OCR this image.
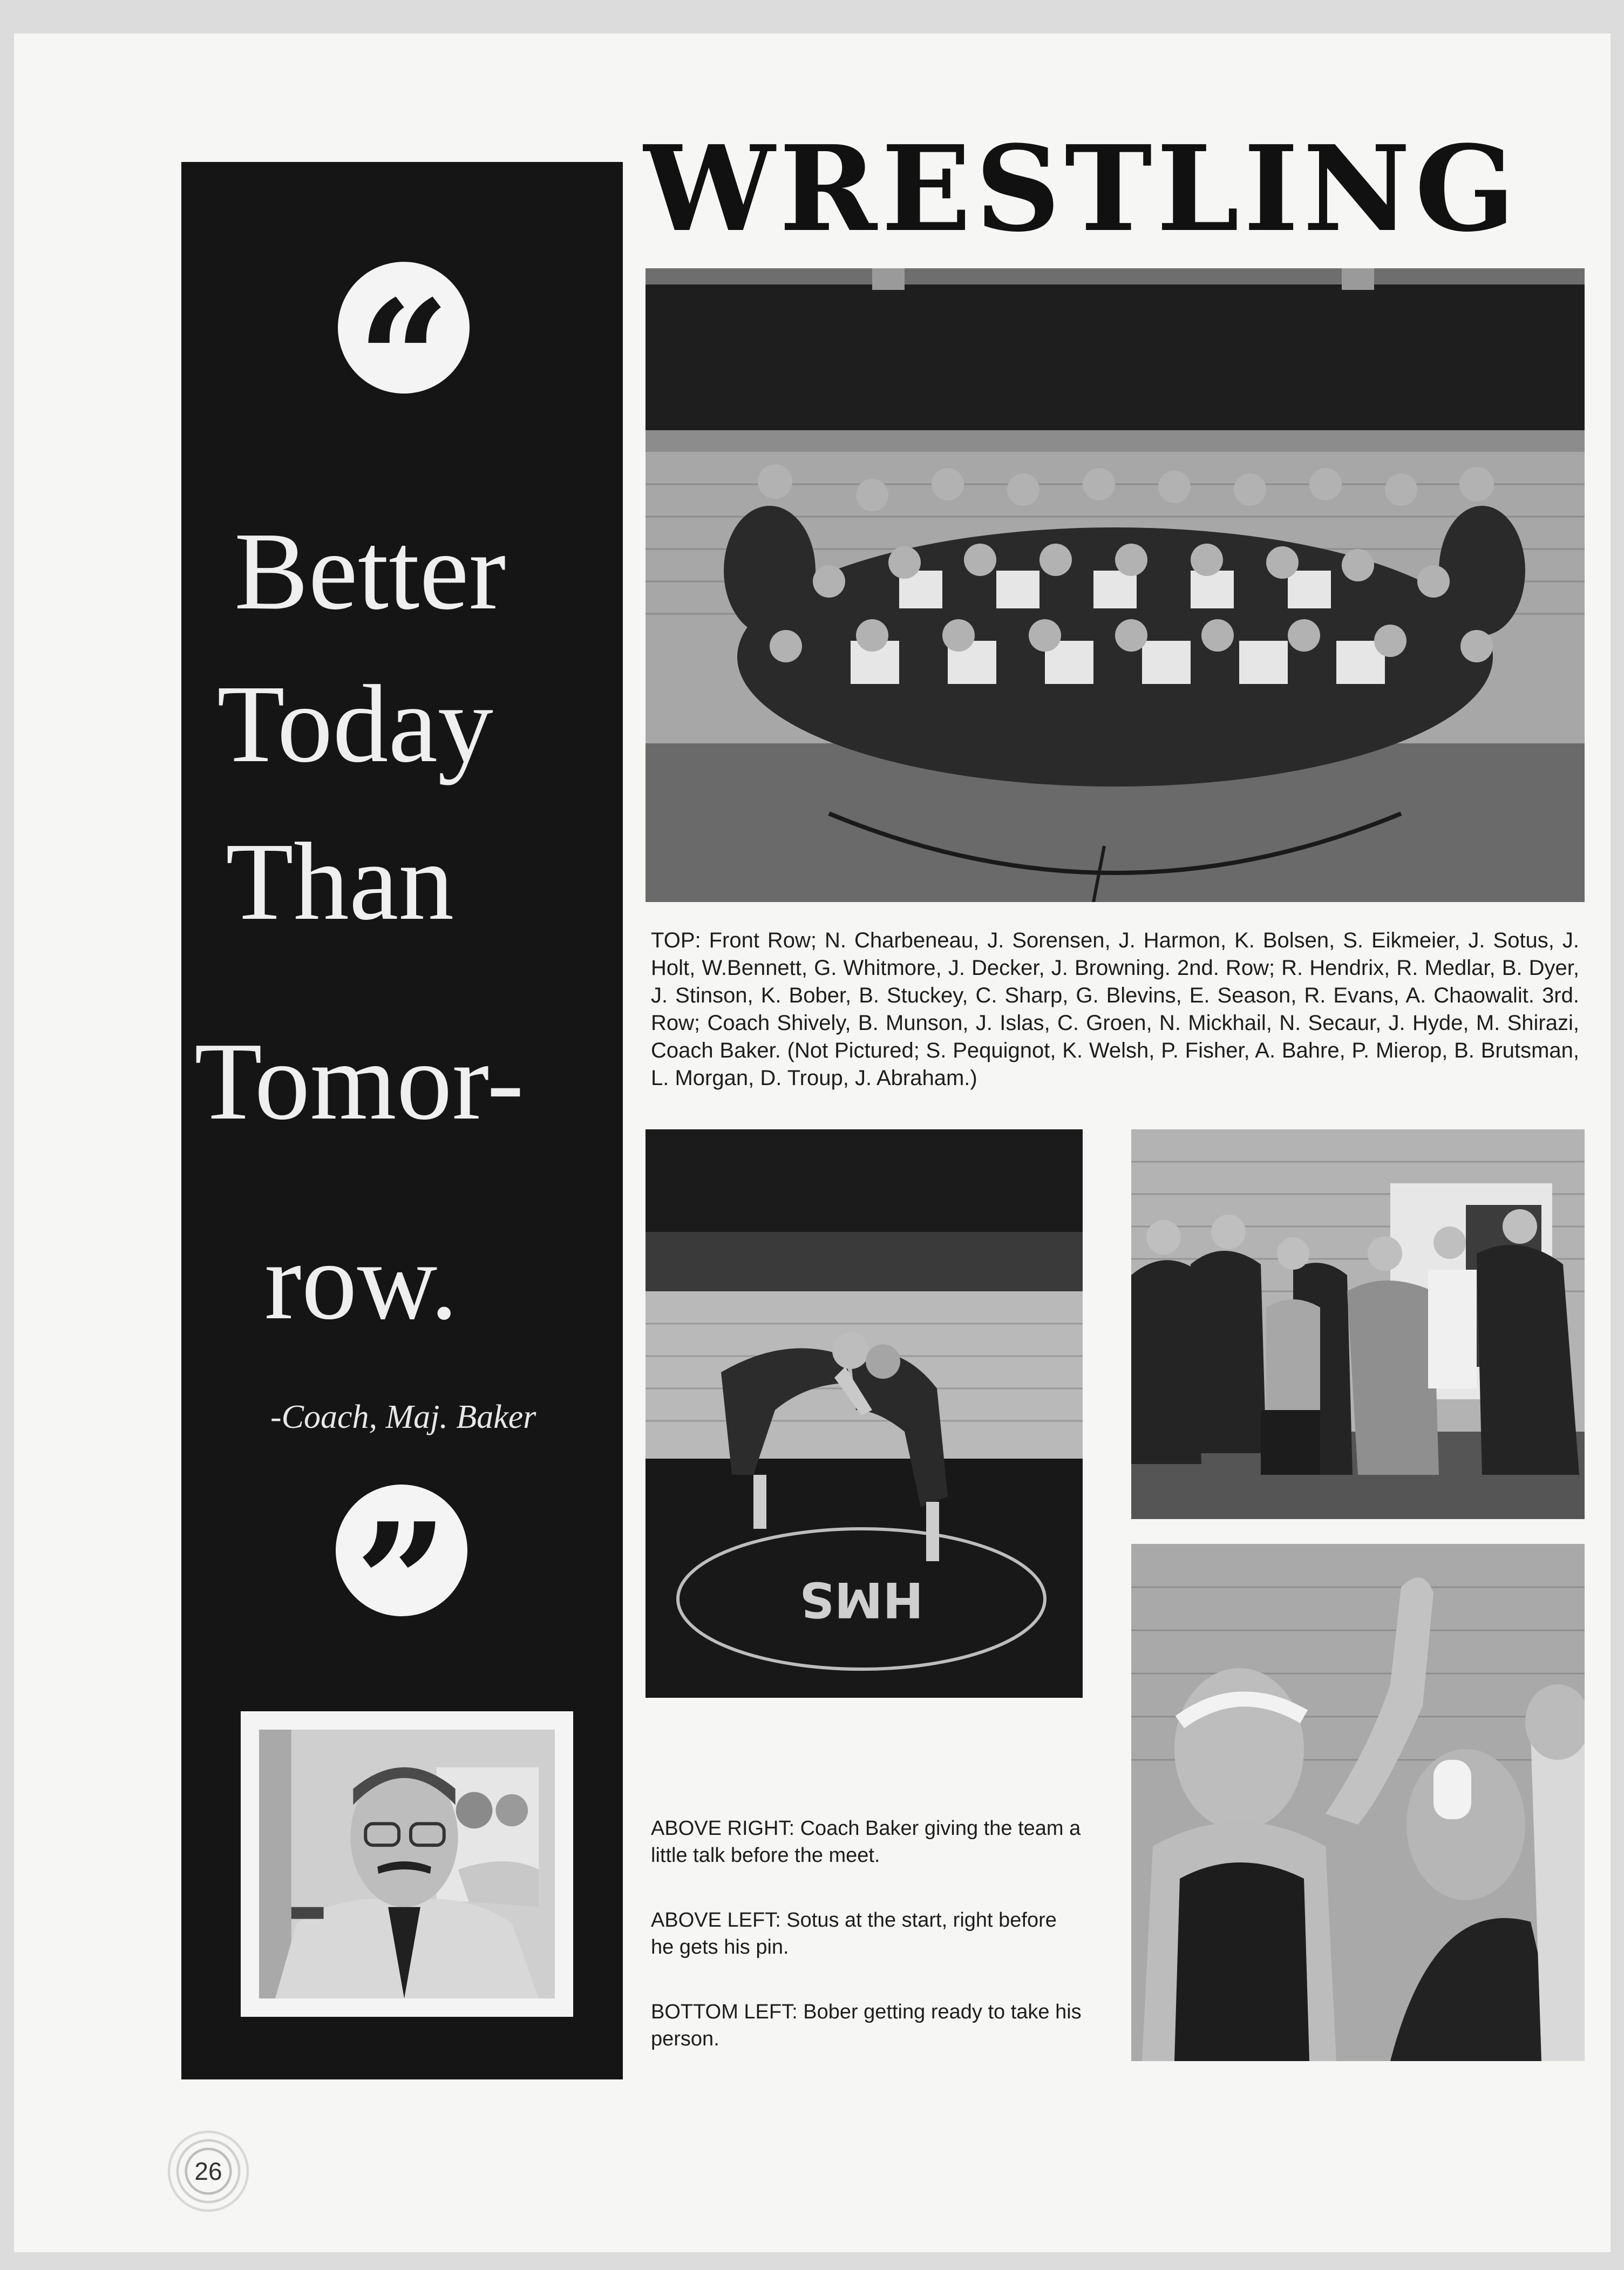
“
Better
Today
Than
Tomor-
row.
-Coach, Maj. Baker
”
WRESTLING
TOP: Front Row; N. Charbeneau, J. Sorensen, J. Harmon, K. Bolsen, S. Eikmeier, J. Sotus, J. Holt, W.Bennett, G. Whitmore, J. Decker, J. Browning. 2nd. Row; R. Hendrix, R. Medlar, B. Dyer, J. Stinson, K. Bober, B. Stuckey, C. Sharp, G. Blevins, E. Season, R. Evans, A. Chaowalit. 3rd. Row; Coach Shively, B. Munson, J. Islas, C. Groen, N. Mickhail, N. Secaur, J. Hyde, M. Shirazi, Coach Baker. (Not Pictured; S. Pequignot, K. Welsh, P. Fisher, A. Bahre, P. Mierop, B. Brutsman, L. Morgan, D. Troup, J. Abraham.)
HMS
ABOVE RIGHT: Coach Baker giving the team a little talk before the meet.
ABOVE LEFT: Sotus at the start, right before he gets his pin.
BOTTOM LEFT: Bober getting ready to take his person.
26
